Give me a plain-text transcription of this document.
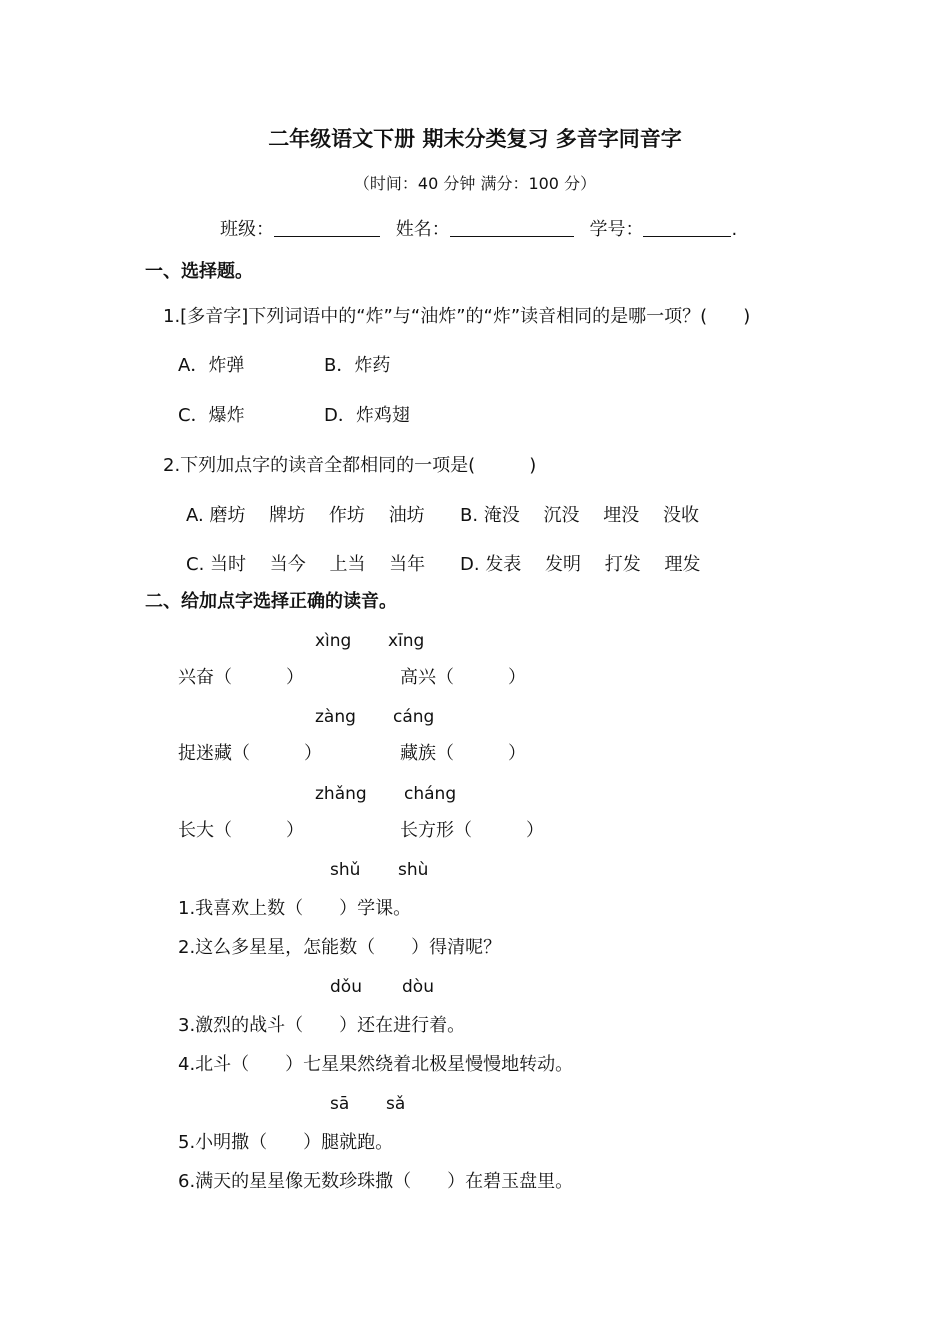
二年级语文下册 期末分类复习 多音字同音字
（时间：40 分钟 满分：100 分）
班级：	姓名：	学号：	.
一、选择题。
1.[多音字]下列词语中的“炸”与“油炸”的“炸”读音相同的是哪一项？(　　)
A．炸弹	B．炸药
C．爆炸	D．炸鸡翅
2.下列加点字的读音全都相同的一项是(　　　)
A. 磨坊　 牌坊　 作坊　 油坊 B. 淹没　 沉没　 埋没　 没收
C. 当时　 当今　 上当　 当年 D. 发表　 发明　 打发　 理发
二、给加点字选择正确的读音。
xìng xīng
兴奋（　　　）	高兴（　　　）
zàng cáng
捉迷藏（　　　）	藏族（　　　）
zhǎng cháng
长大（　　　）	长方形（　　　）
shǔ shù
1.我喜欢上数（　　）学课。
2.这么多星星，怎能数（　　）得清呢？
dǒu dòu
3.激烈的战斗（　　）还在进行着。
4.北斗（　　）七星果然绕着北极星慢慢地转动。
sā sǎ
5.小明撒（　　）腿就跑。
6.满天的星星像无数珍珠撒（　　）在碧玉盘里。
